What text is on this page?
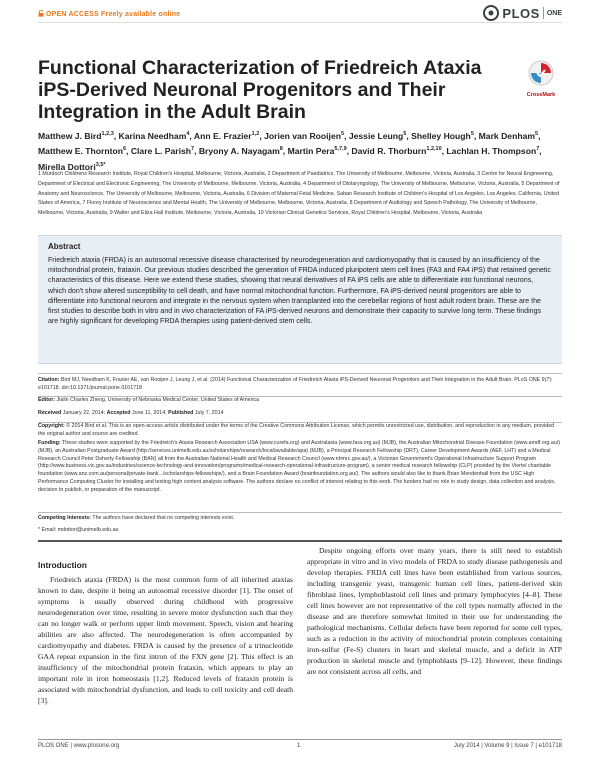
OPEN ACCESS Freely available online	PLOS ONE
Functional Characterization of Friedreich Ataxia iPS-Derived Neuronal Progenitors and Their Integration in the Adult Brain
CrossMark
Matthew J. Bird$^{1,2,3}$, Karina Needham$^4$, Ann E. Frazier$^{1,2}$, Jorien van Rooijen$^5$, Jessie Leung$^5$, Shelley Hough$^5$, Mark Denham$^5$, Matthew E. Thornton$^6$, Clare L. Parish$^7$, Bryony A. Nayagam$^8$, Martin Pera$^{5,7,9}$, David R. Thorburn$^{1,2,10}$, Lachlan H. Thompson$^7$, Mirella Dottori$^{3,5*}$
1 Murdoch Childrens Research Institute, Royal Children's Hospital, Melbourne, Victoria, Australia, 2 Department of Paediatrics, The University of Melbourne, Melbourne, Victoria, Australia, 3 Centre for Neural Engineering, Department of Electrical and Electronic Engineering, The University of Melbourne, Melbourne, Victoria, Australia, 4 Department of Otolaryngology, The University of Melbourne, Melbourne, Victoria, Australia, 5 Department of Anatomy and Neuroscience, The University of Melbourne, Melbourne, Victoria, Australia, 6 Division of Maternal Fetal Medicine, Saban Research Institute of Children's Hospital of Los Angeles, Los Angeles, California, United States of America, 7 Florey Institute of Neuroscience and Mental Health, The University of Melbourne, Melbourne, Victoria, Australia, 8 Department of Audiology and Speech Pathology, The University of Melbourne, Melbourne, Victoria, Australia, 9 Walter and Eliza Hall Institute, Melbourne, Victoria, Australia, 10 Victorian Clinical Genetics Services, Royal Children's Hospital, Melbourne, Victoria, Australia
Abstract
Friedreich ataxia (FRDA) is an autosomal recessive disease characterised by neurodegeneration and cardiomyopathy that is caused by an insufficiency of the mitochondrial protein, frataxin. Our previous studies described the generation of FRDA induced pluripotent stem cell lines (FA3 and FA4 iPS) that retained genetic characteristics of this disease. Here we extend these studies, showing that neural derivatives of FA iPS cells are able to differentiate into functional neurons, which don't show altered susceptibility to cell death, and have normal mitochondrial function. Furthermore, FA iPS-derived neural progenitors are able to differentiate into functional neurons and integrate in the nervous system when transplanted into the cerebellar regions of host adult rodent brain. These are the first studies to describe both in vitro and in vivo characterization of FA iPS-derived neurons and demonstrate their capacity to survive long term. These findings are highly significant for developing FRDA therapies using patient-derived stem cells.
Citation: Bird MJ, Needham K, Frazier AE, van Rooijen J, Leung J, et al. (2014) Functional Characterization of Friedreich Ataxia iPS-Derived Neuronal Progenitors and Their Integration in the Adult Brain. PLoS ONE 9(7): e101718. doi:10.1371/journal.pone.0101718
Editor: Jialin Charles Zheng, University of Nebraska Medical Center, United States of America
Received January 22, 2014; Accepted June 11, 2014; Published July 7, 2014
Copyright: © 2014 Bird et al. This is an open-access article distributed under the terms of the Creative Commons Attribution License, which permits unrestricted use, distribution, and reproduction in any medium, provided the original author and source are credited.
Funding: These studies were supported by the Friedreich's Ataxia Research Association USA (www.curefa.org) and Australasia (www.fara.org.au) (MJB), the Australian Mitochondrial Disease Foundation (www.amdf.org.au/) (MJB), an Australian Postgraduate Award (http://services.unimelb.edu.au/scholarships/research/local/available/apa) (MJB), a Principal Research Fellowship (DRT), Career Development Awards (AEF, LHT) and a Medical Research Council Peter Doherty Fellowship (BAN) all from the Australian National Health and Medical Research Council (www.nhmrc.gov.au/), a Victorian Government's Operational Infrastructure Support Program (http://www.business.vic.gov.au/industries/science-technology-and-innovation/programs/medical-research-operational-infrastructure-program), a senior medical research fellowship (CLP) provided by the Viertel charitable foundation (www.anz.com.au/personal/private-bank.../scholarships-fellowships/), and a Brain Foundation Award (brainfoundation.org.au/). The authors would also like to thank Brian Mendenhall from the USC High Performance Computing Cluster for installing and testing high content analysis software. The authors declare no conflict of interest relating to this work. The funders had no role in study design, data collection and analysis, decision to publish, or preparation of the manuscript.
Competing Interests: The authors have declared that no competing interests exist.
* Email: mdottori@unimelb.edu.au
Introduction
Friedreich ataxia (FRDA) is the most common form of all inherited ataxias known to date, despite it being an autosomal recessive disorder [1]. The onset of symptoms is usually observed during childhood with progressive neurodegeneration over time, resulting in severe motor dysfunction such that they can no longer walk or perform upper limb movement. Speech, vision and hearing abilities are also affected. The neurodegeneration is often accompanied by cardiomyopathy and diabetes. FRDA is caused by the presence of a trinucleotide GAA repeat expansion in the first intron of the FXN gene [2]. This effect is an insufficiency of the mitochondrial protein frataxin, which appears to play an important role in iron homeostasis [1,2]. Reduced levels of frataxin protein is associated with mitochondrial dysfunction, and leads to cell toxicity and cell death [3].
Despite ongoing efforts over many years, there is still need to establish appropriate in vitro and in vivo models of FRDA to study disease pathogenesis and develop therapies. FRDA cell lines have been established from various sources, including transgenic yeast, transgenic human cell lines, patient-derived skin fibroblast lines, lymphoblastoid cell lines and primary lymphocytes [4–8]. These cell lines however are not representative of the cell types normally affected in the disease and are therefore somewhat limited in their use for understanding the pathological mechanisms. Cellular defects have been reported for some cell types, such as a reduction in the activity of mitochondrial protein complexes containing iron-sulfur (Fe-S) clusters in heart and skeletal muscle, and a deficit in ATP production in skeletal muscle and lymphoblasts [9–12]. However, these findings are not consistent across all cells, and
PLOS ONE | www.plosone.org	1	July 2014 | Volume 9 | Issue 7 | e101718
